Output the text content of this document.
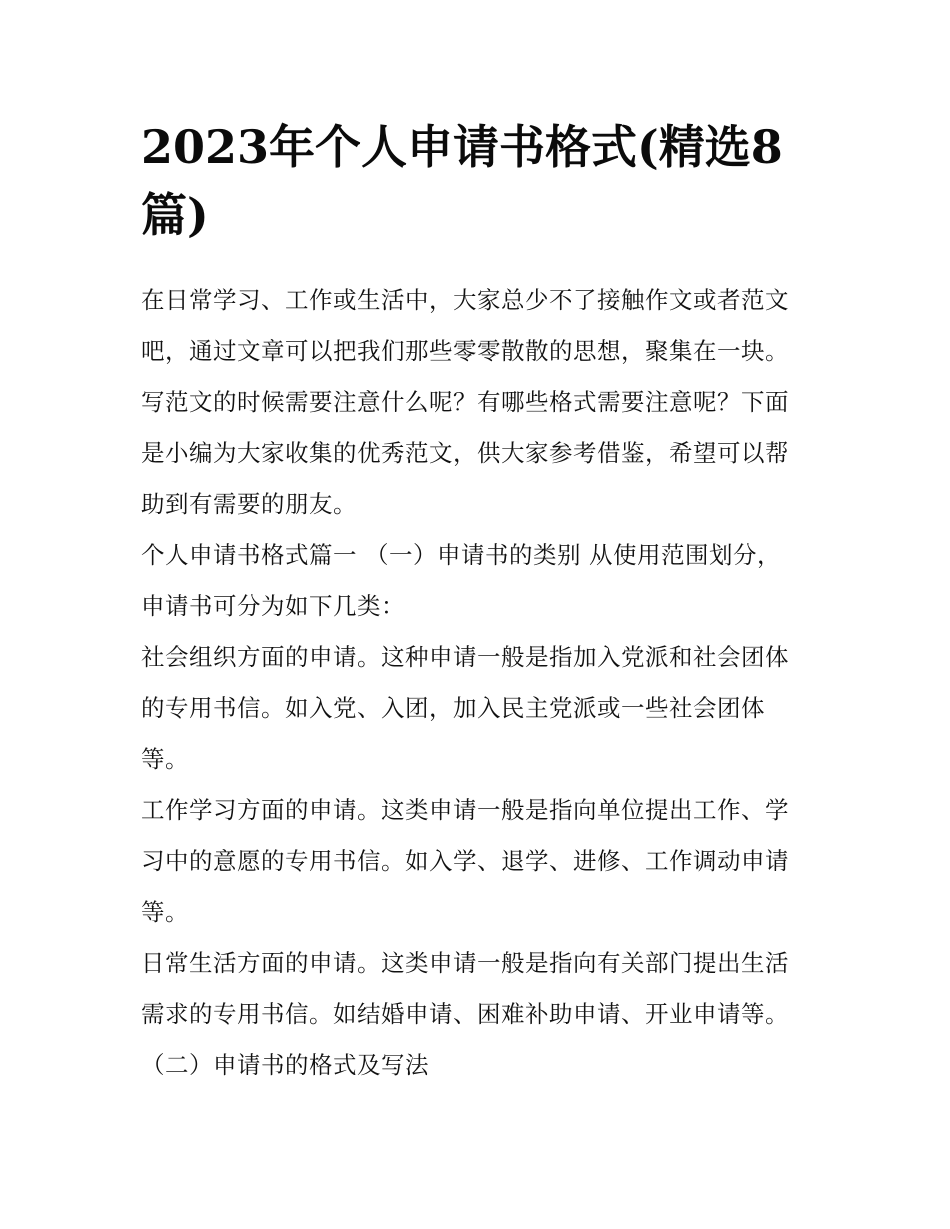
2023年个人申请书格式(精选8
篇)
在日常学习、工作或生活中，大家总少不了接触作文或者范文
吧，通过文章可以把我们那些零零散散的思想，聚集在一块。
写范文的时候需要注意什么呢？有哪些格式需要注意呢？下面
是小编为大家收集的优秀范文，供大家参考借鉴，希望可以帮
助到有需要的朋友。
个人申请书格式篇一 （一）申请书的类别 从使用范围划分，
申请书可分为如下几类：
社会组织方面的申请。这种申请一般是指加入党派和社会团体
的专用书信。如入党、入团，加入民主党派或一些社会团体
等。
工作学习方面的申请。这类申请一般是指向单位提出工作、学
习中的意愿的专用书信。如入学、退学、进修、工作调动申请
等。
日常生活方面的申请。这类申请一般是指向有关部门提出生活
需求的专用书信。如结婚申请、困难补助申请、开业申请等。
（二）申请书的格式及写法
